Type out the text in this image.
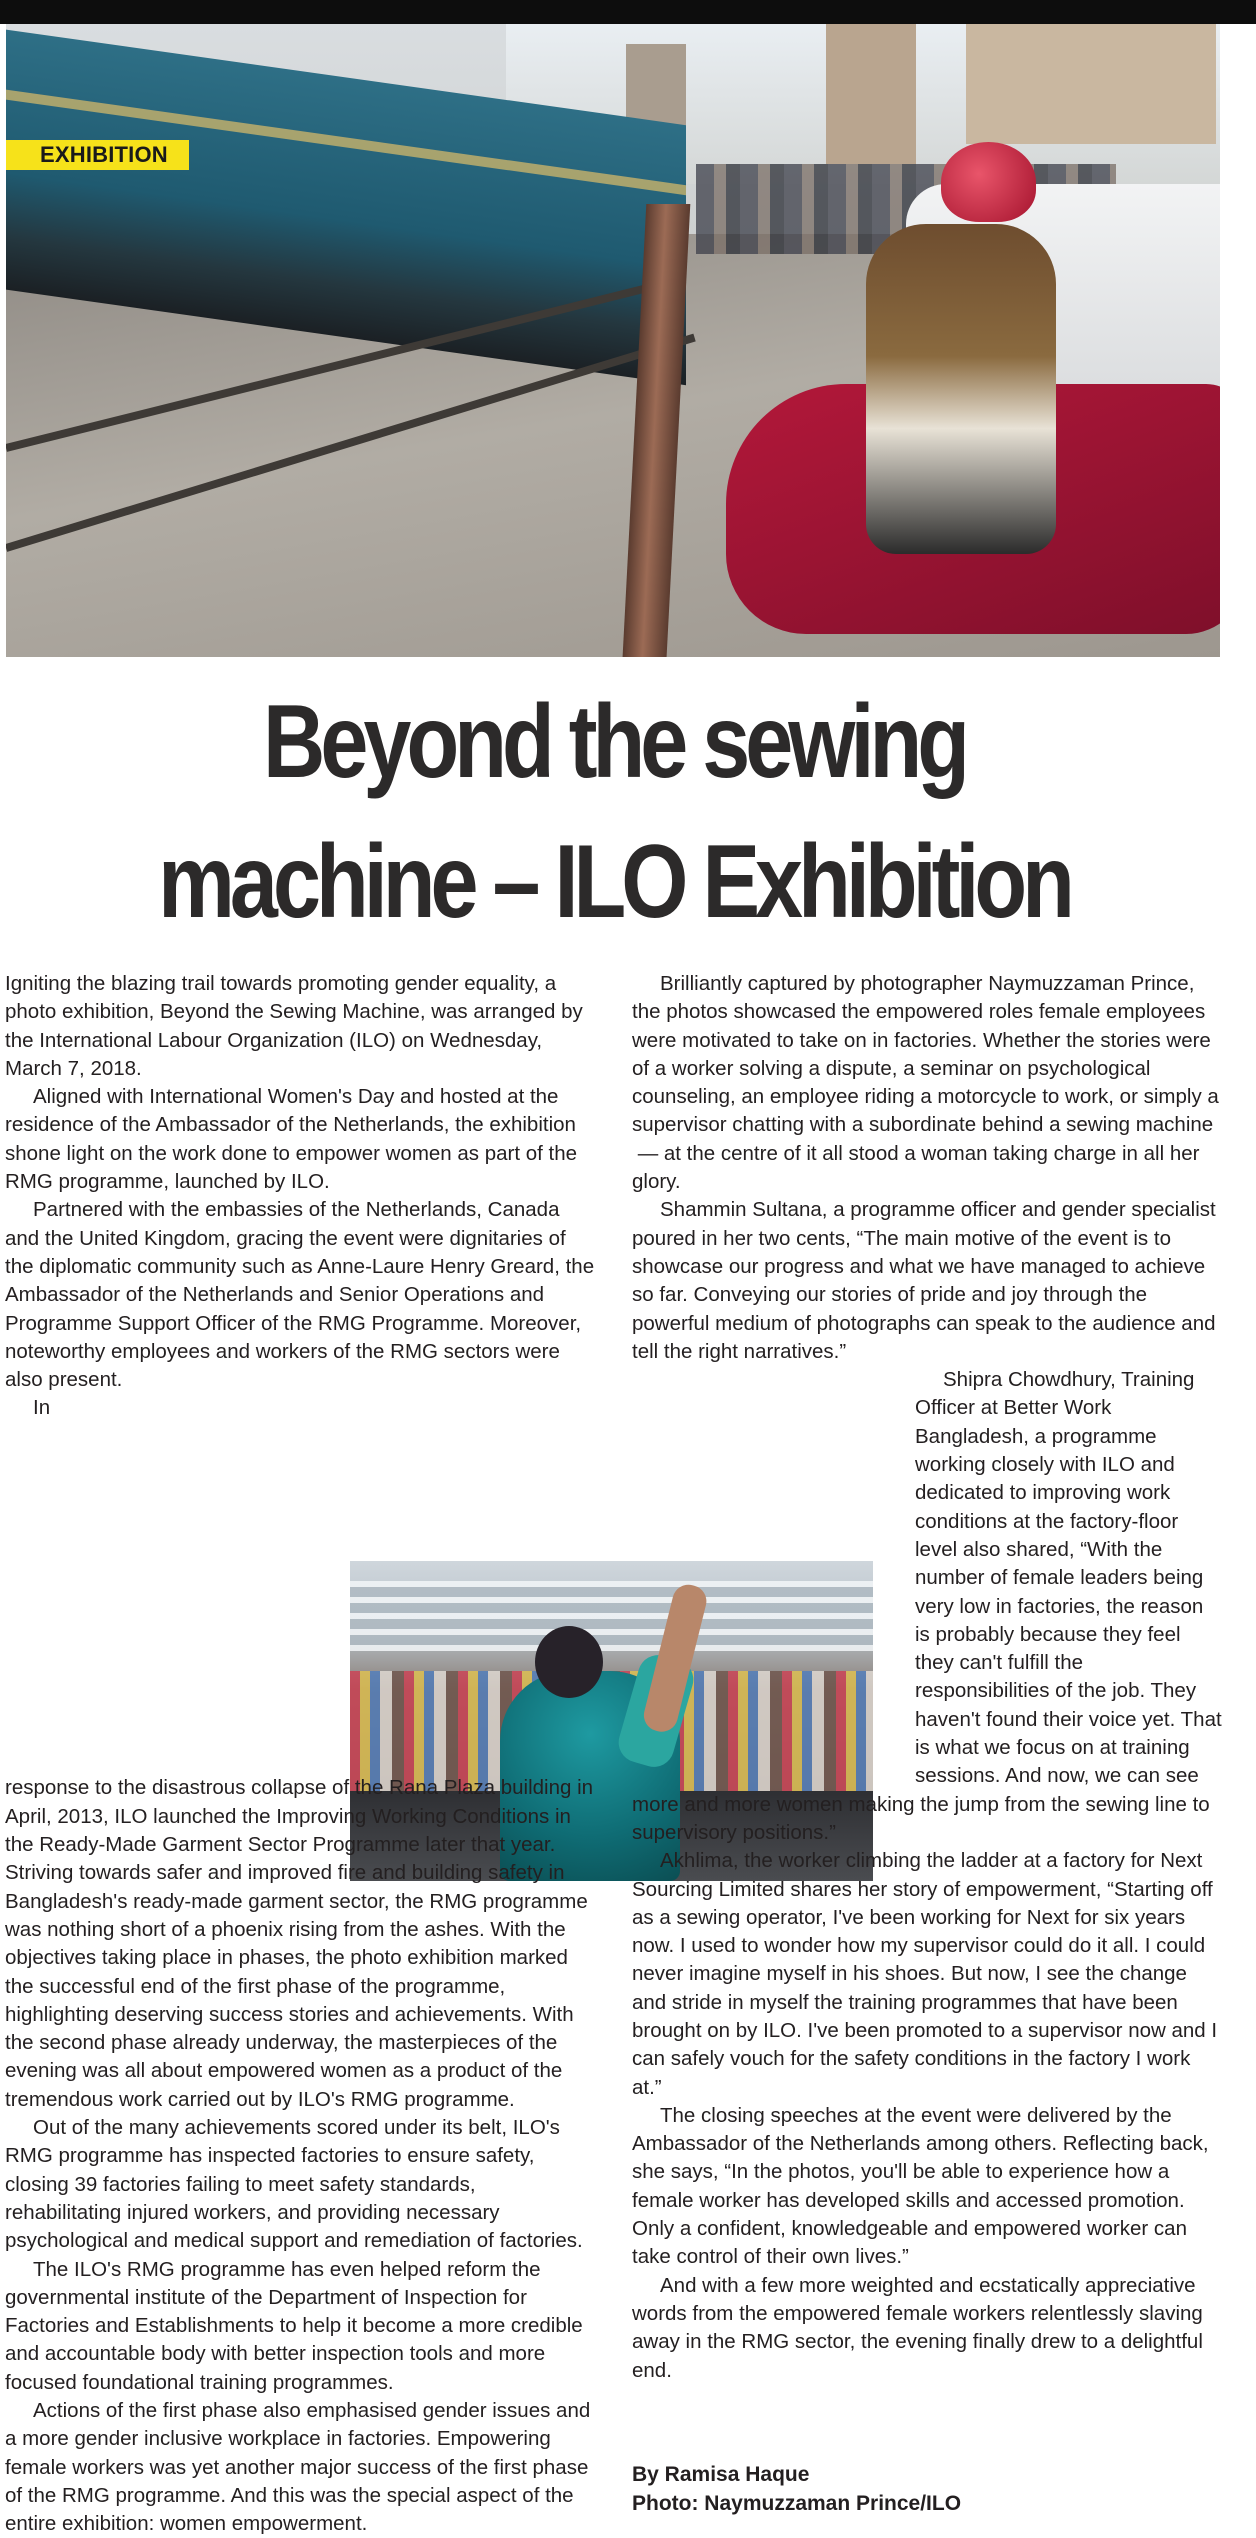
EXHIBITION
Beyond the sewing
machine – ILO Exhibition

Igniting the blazing trail towards promoting gender equality, a photo exhibition, Beyond the Sewing Machine, was arranged by the International Labour Organization (ILO) on Wednesday, March 7, 2018.

Aligned with International Women's Day and hosted at the residence of the Ambassador of the Netherlands, the exhibition shone light on the work done to empower women as part of the RMG programme, launched by ILO.

Partnered with the embassies of the Netherlands, Canada and the United Kingdom, gracing the event were dignitaries of the diplomatic community such as Anne-Laure Henry Greard, the Ambassador of the Netherlands and Senior Operations and Programme Support Officer of the RMG Programme. Moreover, noteworthy employees and workers of the RMG sectors were also present.

In response to the disastrous collapse of the Rana Plaza building in April, 2013, ILO launched the Improving Working Conditions in the Ready-Made Garment Sector Programme later that year. Striving towards safer and improved fire and building safety in Bangladesh's ready-made garment sector, the RMG programme was nothing short of a phoenix rising from the ashes. With the objectives taking place in phases, the photo exhibition marked the successful end of the first phase of the programme, highlighting deserving success stories and achievements. With the second phase already underway, the masterpieces of the evening was all about empowered women as a product of the tremendous work carried out by ILO's RMG programme.

Out of the many achievements scored under its belt, ILO's RMG programme has inspected factories to ensure safety, closing 39 factories failing to meet safety standards, rehabilitating injured workers, and providing necessary psychological and medical support and remediation of factories.

The ILO's RMG programme has even helped reform the governmental institute of the Department of Inspection for Factories and Establishments to help it become a more credible and accountable body with better inspection tools and more focused foundational training programmes.

Actions of the first phase also emphasised gender issues and a more gender inclusive workplace in factories. Empowering female workers was yet another major success of the first phase of the RMG programme. And this was the special aspect of the entire exhibition: women empowerment.

Brilliantly captured by photographer Naymuzzaman Prince, the photos showcased the empowered roles female employees were motivated to take on in factories. Whether the stories were of a worker solving a dispute, a seminar on psychological counseling, an employee riding a motorcycle to work, or simply a supervisor chatting with a subordinate behind a sewing machine  — at the centre of it all stood a woman taking charge in all her glory.

Shammin Sultana, a programme officer and gender specialist poured in her two cents, “The main motive of the event is to showcase our progress and what we have managed to achieve so far. Conveying our stories of pride and joy through the powerful medium of photographs can speak to the audience and tell the right narratives.”

Shipra Chowdhury, Training Officer at Better Work Bangladesh, a programme working closely with ILO and dedicated to improving work conditions at the factory-floor level also shared, “With the number of female leaders being very low in factories, the reason is probably because they feel they can't fulfill the responsibilities of the job. They haven't found their voice yet. That is what we focus on at training sessions. And now, we can see more and more women making the jump from the sewing line to supervisory positions.”

Akhlima, the worker climbing the ladder at a factory for Next Sourcing Limited shares her story of empowerment, “Starting off as a sewing operator, I've been working for Next for six years now. I used to wonder how my supervisor could do it all. I could never imagine myself in his shoes. But now, I see the change and stride in myself the training programmes that have been brought on by ILO. I've been promoted to a supervisor now and I can safely vouch for the safety conditions in the factory I work at.”

The closing speeches at the event were delivered by the Ambassador of the Netherlands among others. Reflecting back, she says, “In the photos, you'll be able to experience how a female worker has developed skills and accessed promotion. Only a confident, knowledgeable and empowered worker can take control of their own lives.”

And with a few more weighted and ecstatically appreciative words from the empowered female workers relentlessly slaving away in the RMG sector, the evening finally drew to a delightful end.

By Ramisa Haque
Photo: Naymuzzaman Prince/ILO
